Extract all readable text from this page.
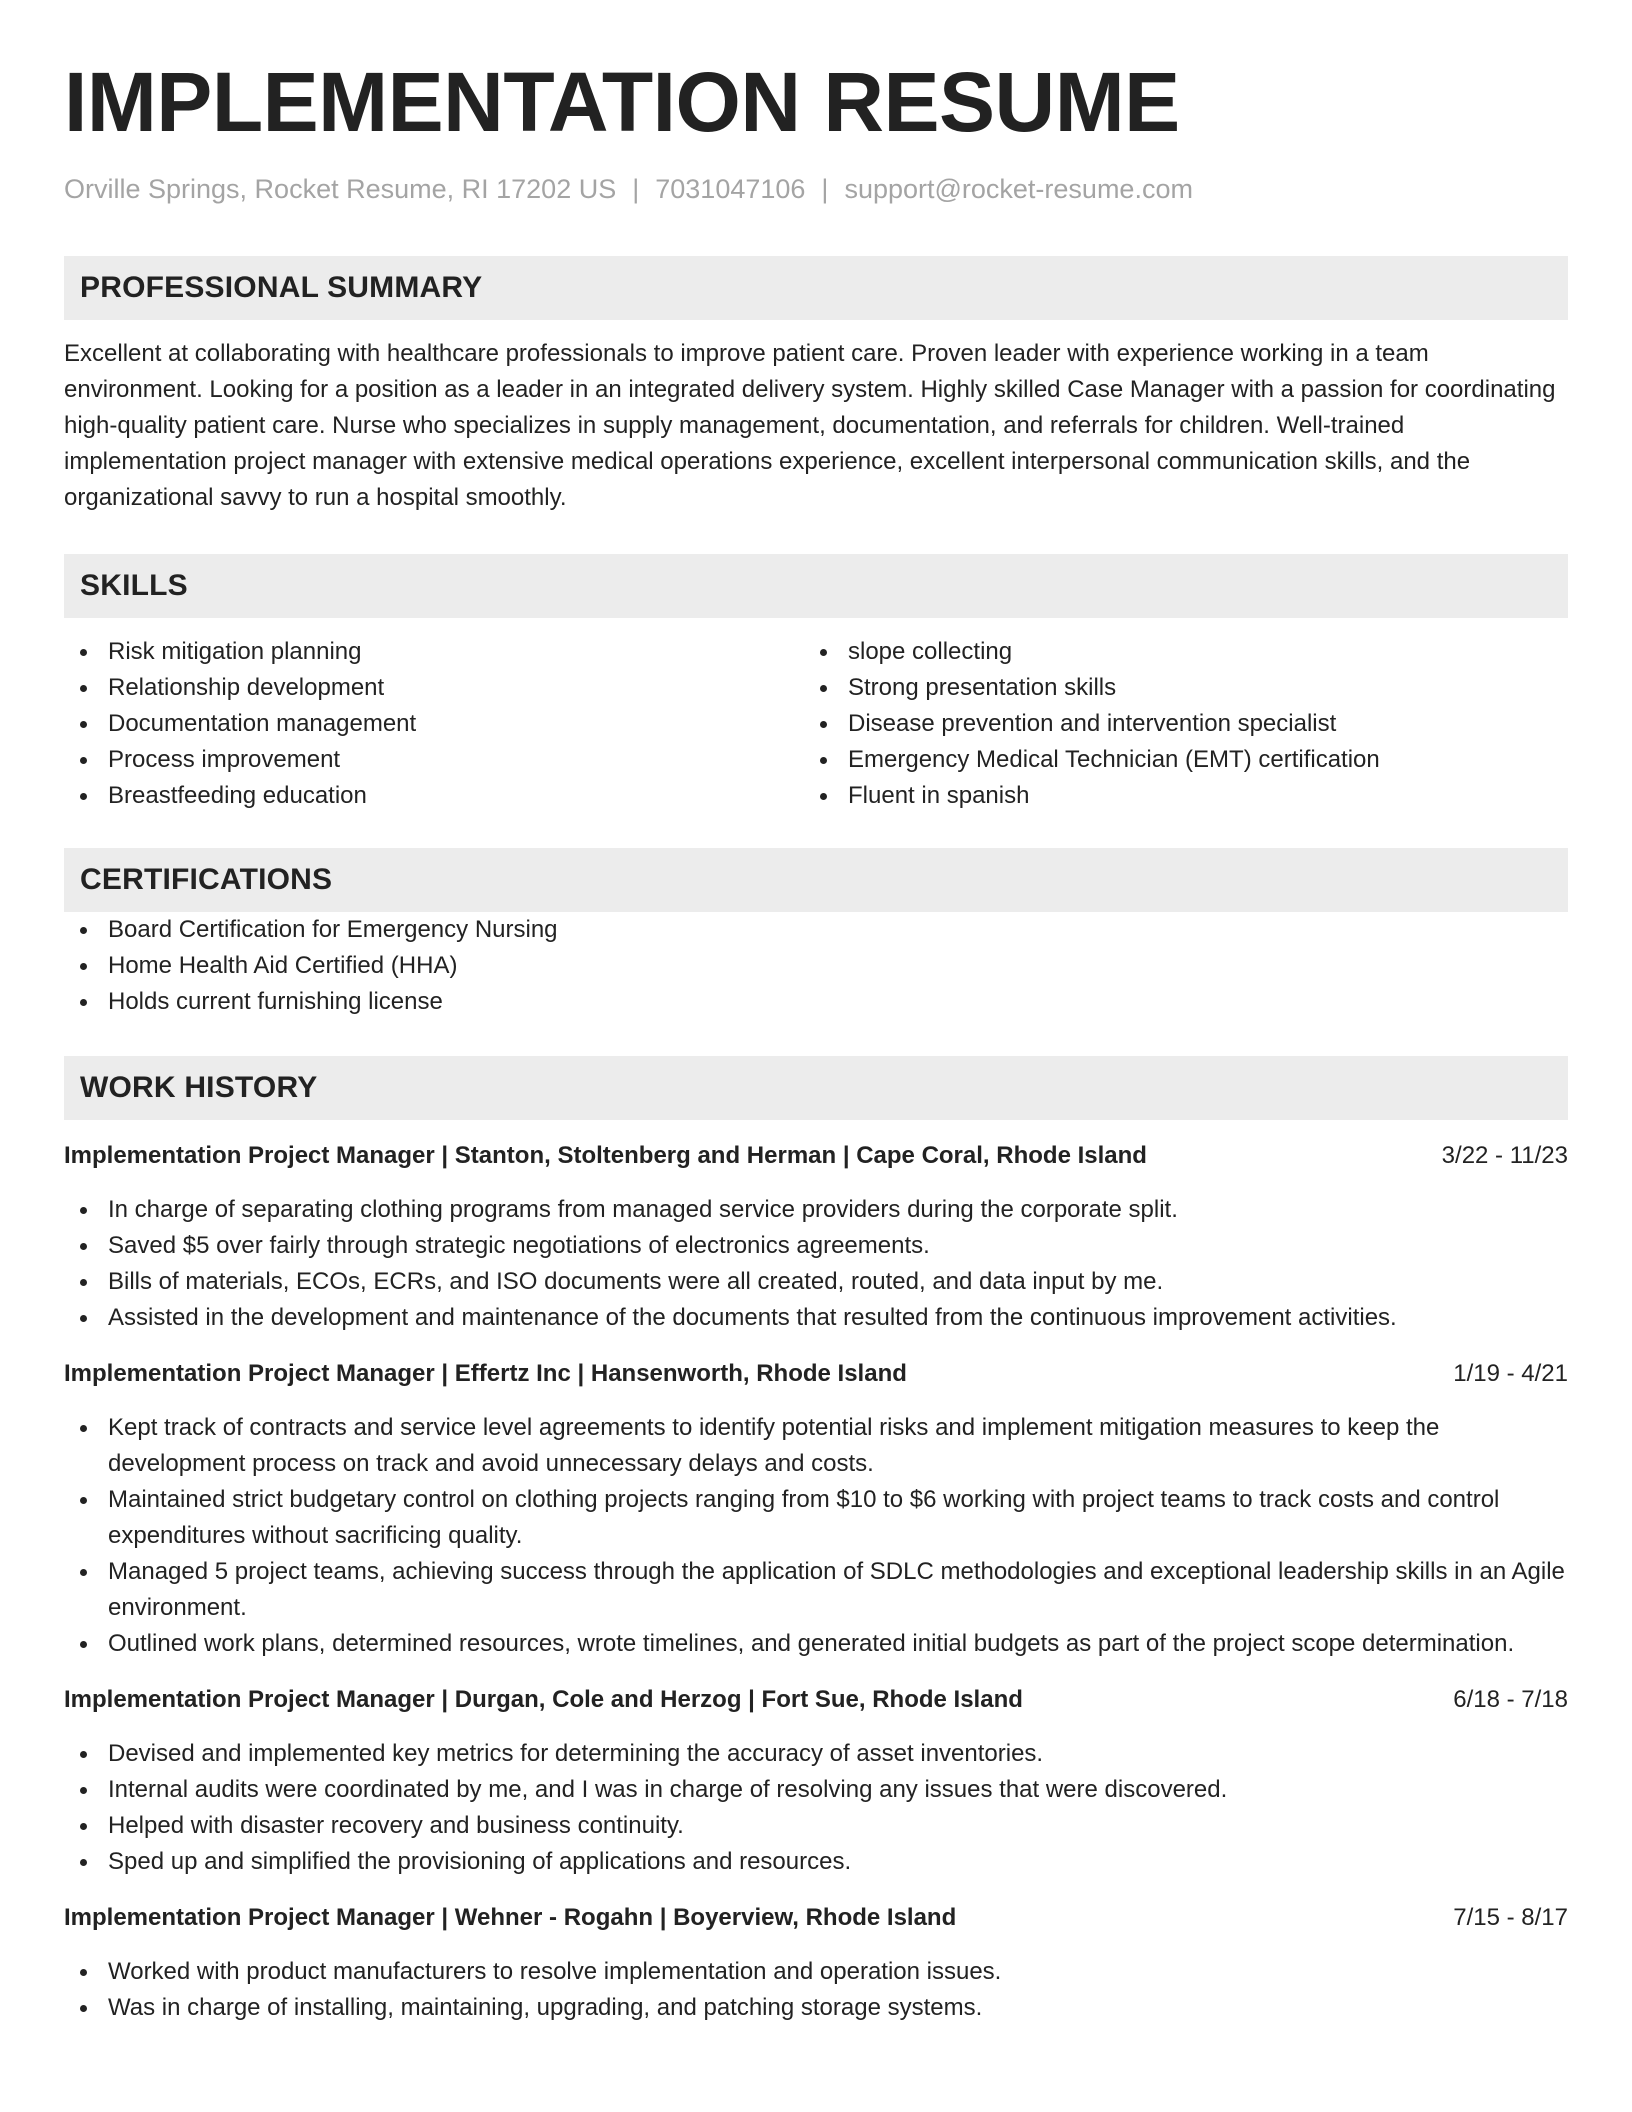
IMPLEMENTATION RESUME
Orville Springs, Rocket Resume, RI 17202 US | 7031047106 | support@rocket-resume.com
PROFESSIONAL SUMMARY

Excellent at collaborating with healthcare professionals to improve patient care. Proven leader with experience working in a team environment. Looking for a position as a leader in an integrated delivery system. Highly skilled Case Manager with a passion for coordinating high-quality patient care. Nurse who specializes in supply management, documentation, and referrals for children. Well-trained implementation project manager with extensive medical operations experience, excellent interpersonal communication skills, and the organizational savvy to run a hospital smoothly.

SKILLS
Risk mitigation planning
Relationship development
Documentation management
Process improvement
Breastfeeding education
slope collecting
Strong presentation skills
Disease prevention and intervention specialist
Emergency Medical Technician (EMT) certification
Fluent in spanish
CERTIFICATIONS
Board Certification for Emergency Nursing
Home Health Aid Certified (HHA)
Holds current furnishing license
WORK HISTORY
Implementation Project Manager | Stanton, Stoltenberg and Herman | Cape Coral, Rhode Island	3/22 - 11/23
In charge of separating clothing programs from managed service providers during the corporate split.
Saved $5 over fairly through strategic negotiations of electronics agreements.
Bills of materials, ECOs, ECRs, and ISO documents were all created, routed, and data input by me.
Assisted in the development and maintenance of the documents that resulted from the continuous improvement activities.
Implementation Project Manager | Effertz Inc | Hansenworth, Rhode Island	1/19 - 4/21
Kept track of contracts and service level agreements to identify potential risks and implement mitigation measures to keep the development process on track and avoid unnecessary delays and costs.
Maintained strict budgetary control on clothing projects ranging from $10 to $6 working with project teams to track costs and control expenditures without sacrificing quality.
Managed 5 project teams, achieving success through the application of SDLC methodologies and exceptional leadership skills in an Agile environment.
Outlined work plans, determined resources, wrote timelines, and generated initial budgets as part of the project scope determination.
Implementation Project Manager | Durgan, Cole and Herzog | Fort Sue, Rhode Island	6/18 - 7/18
Devised and implemented key metrics for determining the accuracy of asset inventories.
Internal audits were coordinated by me, and I was in charge of resolving any issues that were discovered.
Helped with disaster recovery and business continuity.
Sped up and simplified the provisioning of applications and resources.
Implementation Project Manager | Wehner - Rogahn | Boyerview, Rhode Island	7/15 - 8/17
Worked with product manufacturers to resolve implementation and operation issues.
Was in charge of installing, maintaining, upgrading, and patching storage systems.
